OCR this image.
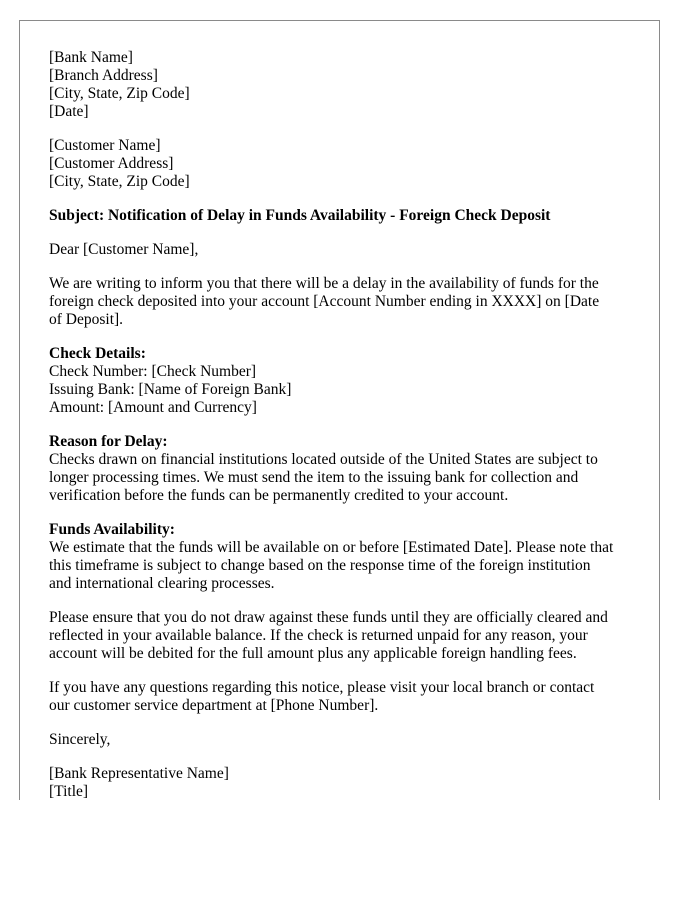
[Bank Name]
[Branch Address]
[City, State, Zip Code]
[Date]
[Customer Name]
[Customer Address]
[City, State, Zip Code]
Subject: Notification of Delay in Funds Availability - Foreign Check Deposit
Dear [Customer Name],
We are writing to inform you that there will be a delay in the availability of funds for the
foreign check deposited into your account [Account Number ending in XXXX] on [Date
of Deposit].
Check Details:
Check Number: [Check Number]
Issuing Bank: [Name of Foreign Bank]
Amount: [Amount and Currency]
Reason for Delay:
Checks drawn on financial institutions located outside of the United States are subject to
longer processing times. We must send the item to the issuing bank for collection and
verification before the funds can be permanently credited to your account.
Funds Availability:
We estimate that the funds will be available on or before [Estimated Date]. Please note that
this timeframe is subject to change based on the response time of the foreign institution
and international clearing processes.
Please ensure that you do not draw against these funds until they are officially cleared and
reflected in your available balance. If the check is returned unpaid for any reason, your
account will be debited for the full amount plus any applicable foreign handling fees.
If you have any questions regarding this notice, please visit your local branch or contact
our customer service department at [Phone Number].
Sincerely,
[Bank Representative Name]
[Title]
